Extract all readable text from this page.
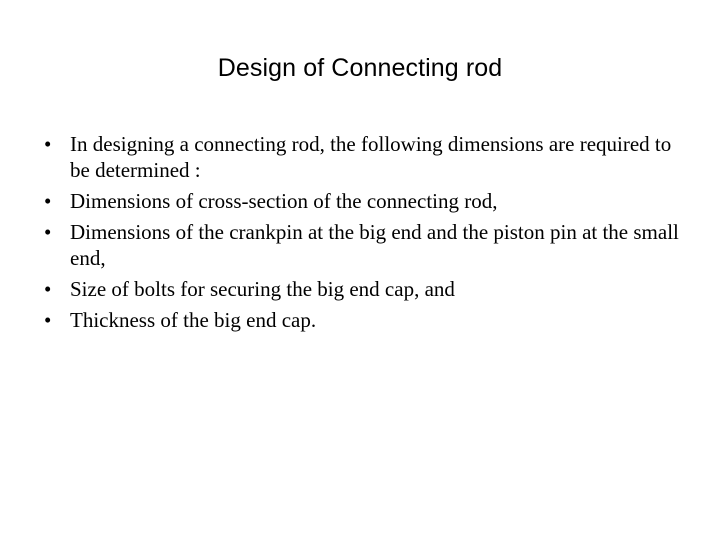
Design of Connecting rod
• In designing a connecting rod, the following dimensions are required to be determined :
• Dimensions of cross-section of the connecting rod,
• Dimensions of the crankpin at the big end and the piston pin at the small end,
• Size of bolts for securing the big end cap, and
• Thickness of the big end cap.
